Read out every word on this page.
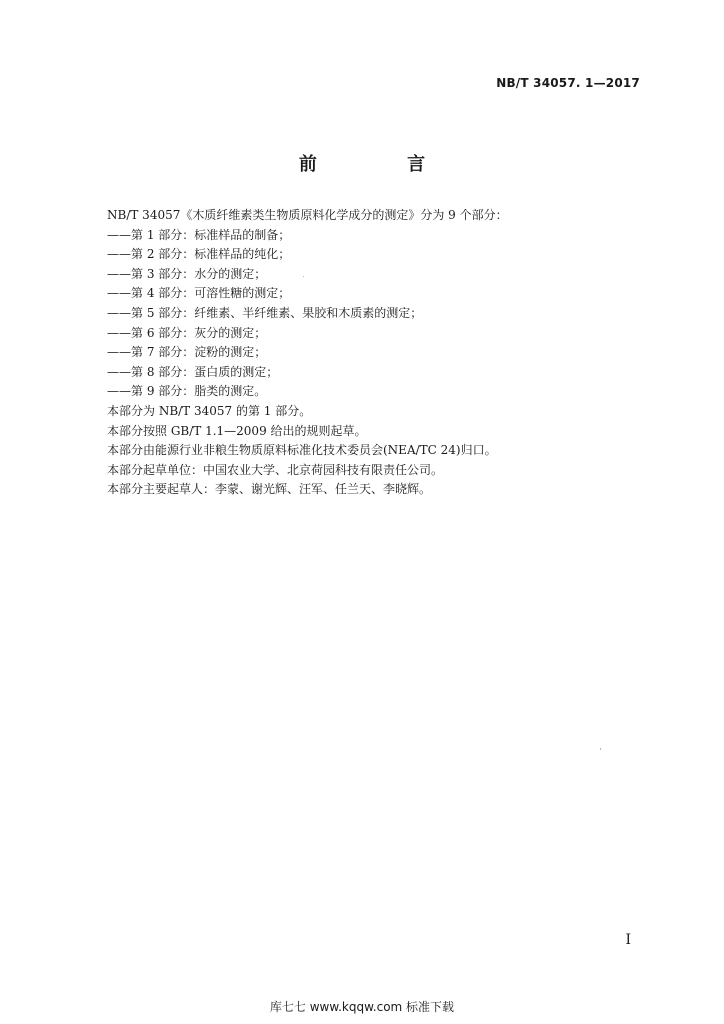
NB/T 34057. 1—2017
前 言
NB/T 34057《木质纤维素类生物质原料化学成分的测定》分为 9 个部分：
——第 1 部分：标准样品的制备；
——第 2 部分：标准样品的纯化；
——第 3 部分：水分的测定；
——第 4 部分：可溶性糖的测定；
——第 5 部分：纤维素、半纤维素、果胶和木质素的测定；
——第 6 部分：灰分的测定；
——第 7 部分：淀粉的测定；
——第 8 部分：蛋白质的测定；
——第 9 部分：脂类的测定。
本部分为 NB/T 34057 的第 1 部分。
本部分按照 GB/T 1.1—2009 给出的规则起草。
本部分由能源行业非粮生物质原料标准化技术委员会(NEA/TC 24)归口。
本部分起草单位：中国农业大学、北京荷园科技有限责任公司。
本部分主要起草人：李蒙、谢光辉、汪军、任兰天、李晓辉。
I
库七七 www.kqqw.com 标准下载
